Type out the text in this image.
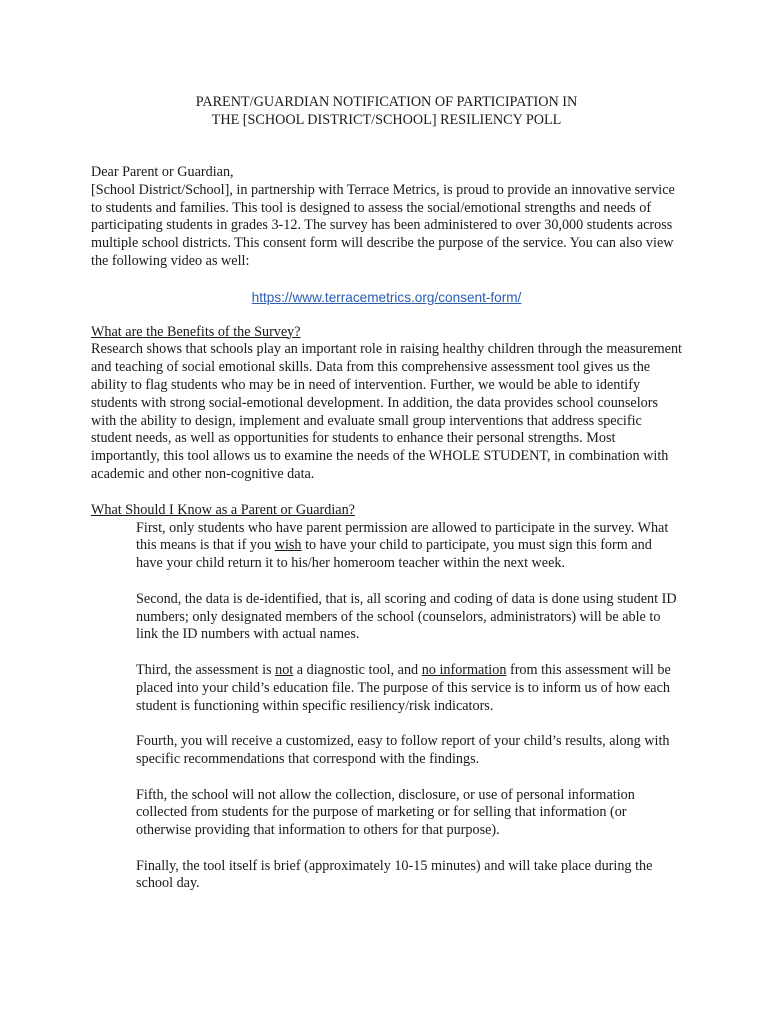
PARENT/GUARDIAN NOTIFICATION OF PARTICIPATION IN
THE [SCHOOL DISTRICT/SCHOOL] RESILIENCY POLL

Dear Parent or Guardian,

[School District/School], in partnership with Terrace Metrics, is proud to provide an innovative service to students and families. This tool is designed to assess the social/emotional strengths and needs of participating students in grades 3-12. The survey has been administered to over 30,000 students across multiple school districts. This consent form will describe the purpose of the service. You can also view the following video as well:

https://www.terracemetrics.org/consent-form/

What are the Benefits of the Survey?

Research shows that schools play an important role in raising healthy children through the measurement and teaching of social emotional skills. Data from this comprehensive assessment tool gives us the ability to flag students who may be in need of intervention. Further, we would be able to identify students with strong social-emotional development. In addition, the data provides school counselors with the ability to design, implement and evaluate small group interventions that address specific student needs, as well as opportunities for students to enhance their personal strengths. Most importantly, this tool allows us to examine the needs of the WHOLE STUDENT, in combination with academic and other non-cognitive data.

What Should I Know as a Parent or Guardian?

First, only students who have parent permission are allowed to participate in the survey. What this means is that if you wish to have your child to participate, you must sign this form and have your child return it to his/her homeroom teacher within the next week.

Second, the data is de-identified, that is, all scoring and coding of data is done using student ID numbers; only designated members of the school (counselors, administrators) will be able to link the ID numbers with actual names.

Third, the assessment is not a diagnostic tool, and no information from this assessment will be placed into your child’s education file. The purpose of this service is to inform us of how each student is functioning within specific resiliency/risk indicators.

Fourth, you will receive a customized, easy to follow report of your child’s results, along with specific recommendations that correspond with the findings.

Fifth, the school will not allow the collection, disclosure, or use of personal information collected from students for the purpose of marketing or for selling that information (or otherwise providing that information to others for that purpose).

Finally, the tool itself is brief (approximately 10-15 minutes) and will take place during the school day.
